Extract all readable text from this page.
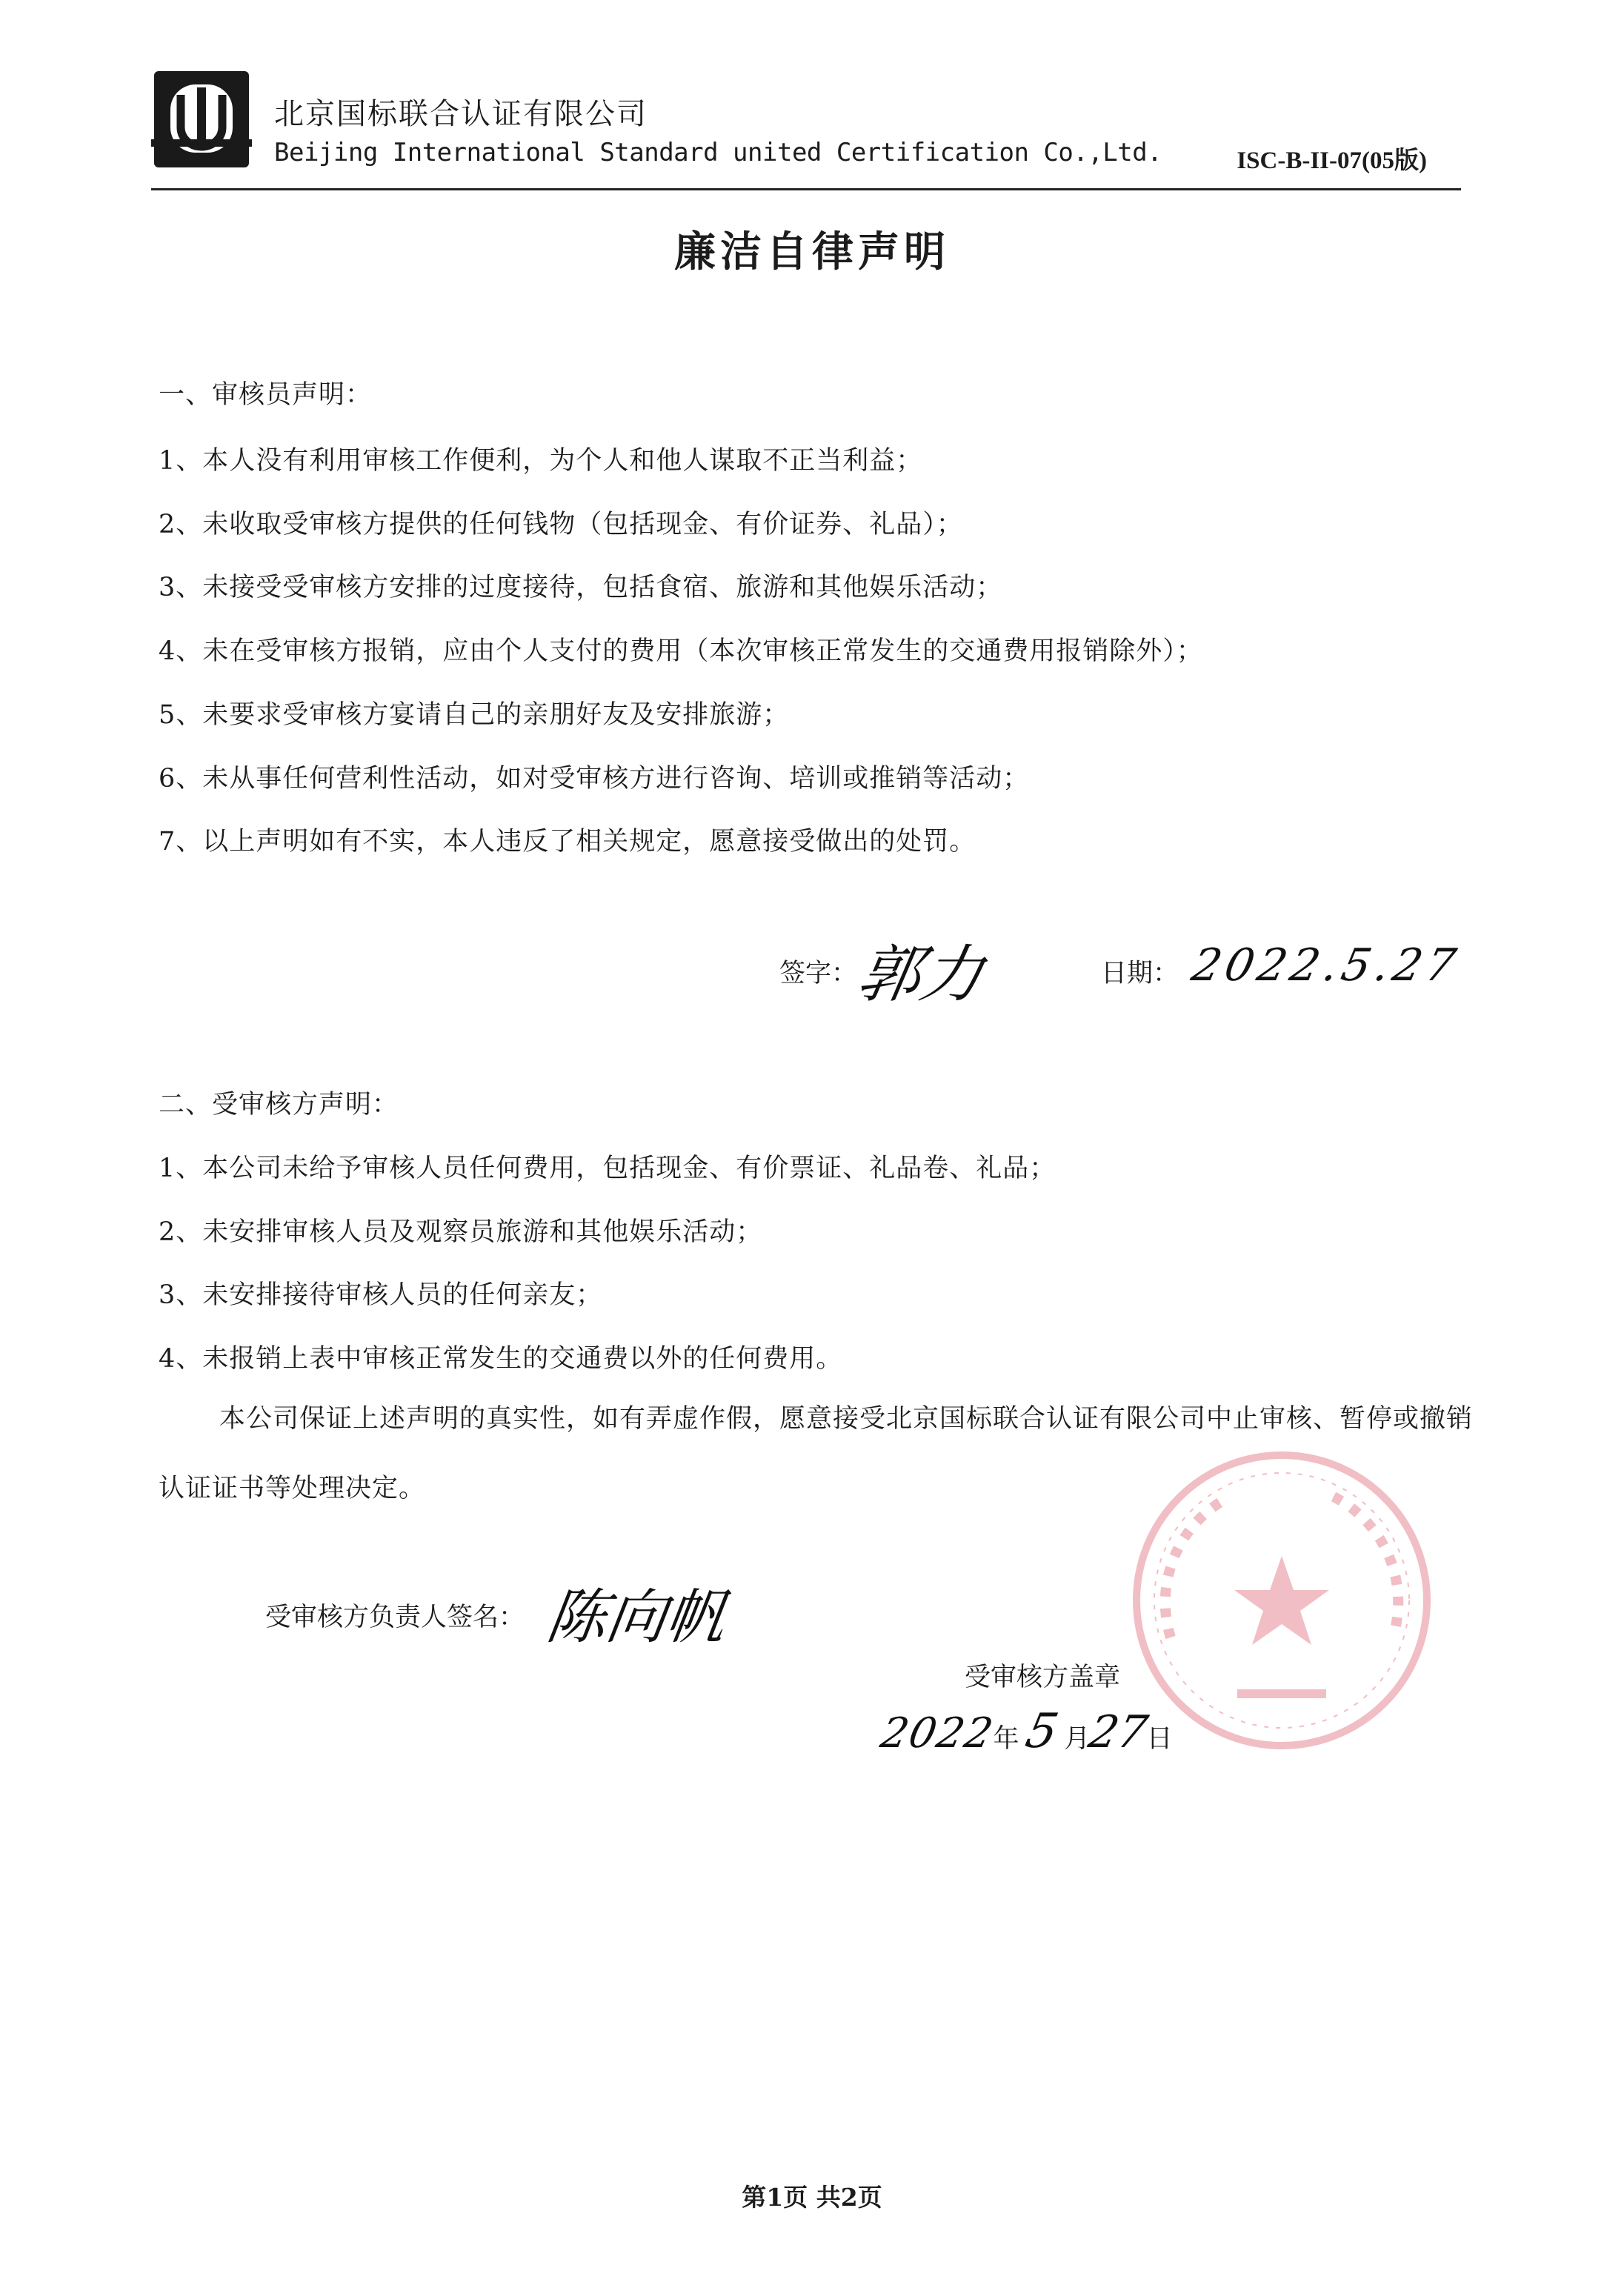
北京国标联合认证有限公司
Beijing International Standard united Certification Co.,Ltd.	ISC-B-II-07(05版)
廉洁自律声明
一、审核员声明：
1、本人没有利用审核工作便利，为个人和他人谋取不正当利益；
2、未收取受审核方提供的任何钱物（包括现金、有价证券、礼品）；
3、未接受受审核方安排的过度接待，包括食宿、旅游和其他娱乐活动；
4、未在受审核方报销，应由个人支付的费用（本次审核正常发生的交通费用报销除外）；
5、未要求受审核方宴请自己的亲朋好友及安排旅游；
6、未从事任何营利性活动，如对受审核方进行咨询、培训或推销等活动；
7、以上声明如有不实，本人违反了相关规定，愿意接受做出的处罚。
签字：
郭力	日期： 2022.5.27
二、受审核方声明：
1、本公司未给予审核人员任何费用，包括现金、有价票证、礼品卷、礼品；
2、未安排审核人员及观察员旅游和其他娱乐活动；
3、未安排接待审核人员的任何亲友；
4、未报销上表中审核正常发生的交通费以外的任何费用。
本公司保证上述声明的真实性，如有弄虚作假，愿意接受北京国标联合认证有限公司中止审核、暂停或撤销认证证书等处理决定。
受审核方负责人签名： 陈向帆
受审核方盖章
2022年5月27日
第1页 共2页
